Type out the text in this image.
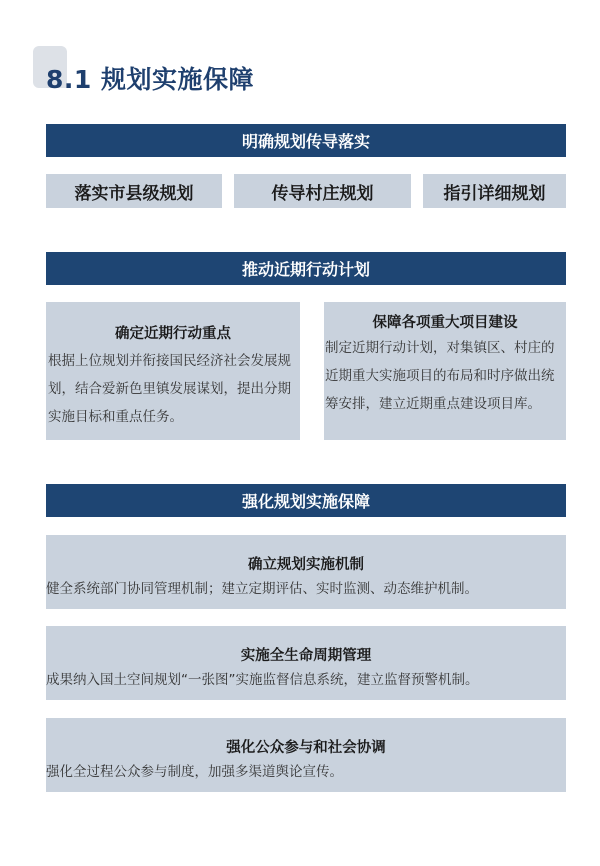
8.1 规划实施保障
明确规划传导落实
落实市县级规划	传导村庄规划	指引详细规划
推动近期行动计划
确定近期行动重点
根据上位规划并衔接国民经济社会发展规划，结合爱新色里镇发展谋划，提出分期实施目标和重点任务。
保障各项重大项目建设
制定近期行动计划，对集镇区、村庄的近期重大实施项目的布局和时序做出统筹安排，建立近期重点建设项目库。
强化规划实施保障
确立规划实施机制
健全系统部门协同管理机制；建立定期评估、实时监测、动态维护机制。
实施全生命周期管理
成果纳入国土空间规划“一张图”实施监督信息系统，建立监督预警机制。
强化公众参与和社会协调
强化全过程公众参与制度，加强多渠道舆论宣传。
